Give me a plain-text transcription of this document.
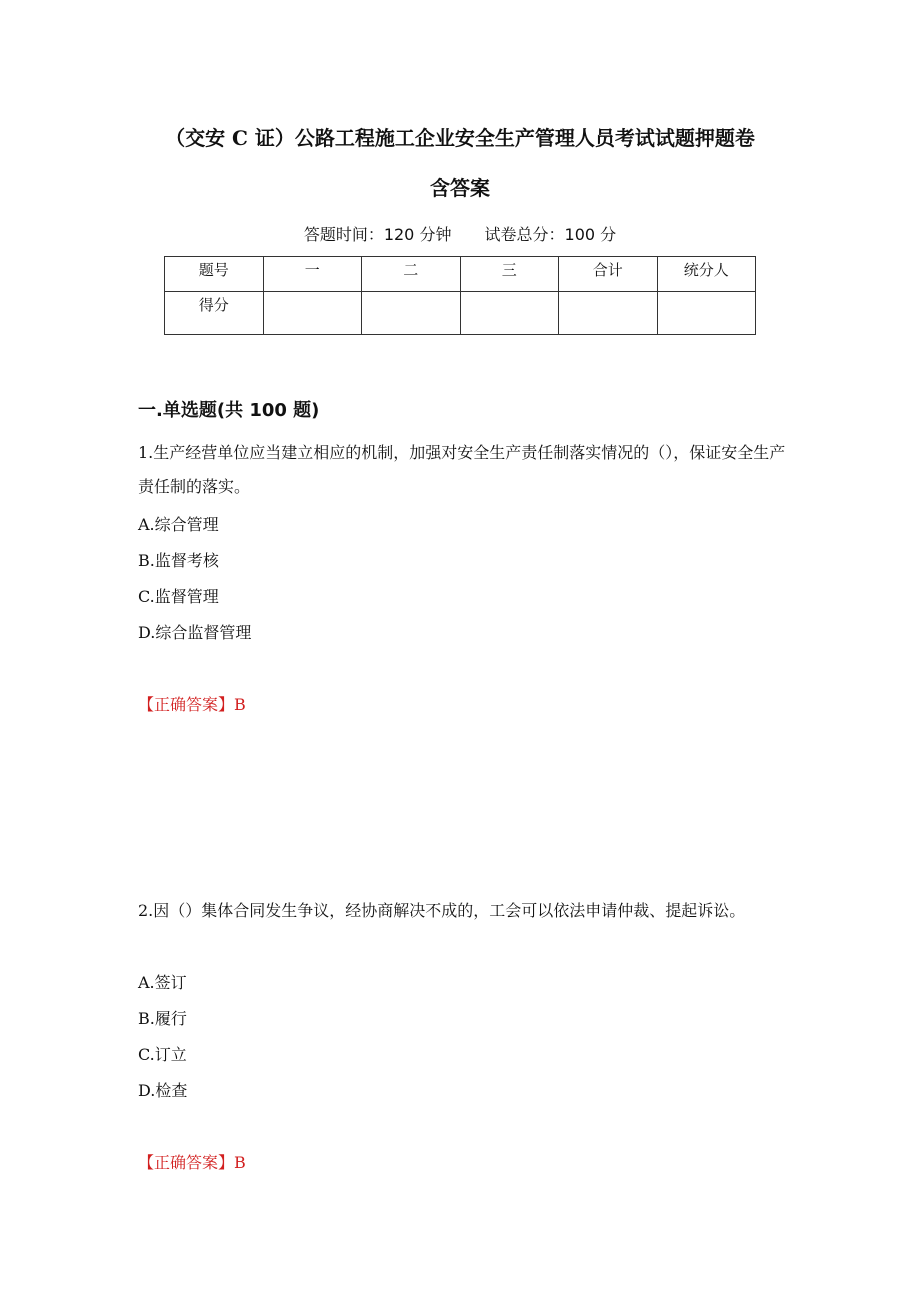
（交安 C 证）公路工程施工企业安全生产管理人员考试试题押题卷
含答案
答题时间：120 分钟 试卷总分：100 分
题号	一	二	三	合计	统分人
得分					
一.单选题(共 100 题)
1.生产经营单位应当建立相应的机制，加强对安全生产责任制落实情况的（），保证安全生产责任制的落实。
A.综合管理
B.监督考核
C.监督管理
D.综合监督管理
【正确答案】B
2.因（）集体合同发生争议，经协商解决不成的，工会可以依法申请仲裁、提起诉讼。
A.签订
B.履行
C.订立
D.检查
【正确答案】B
